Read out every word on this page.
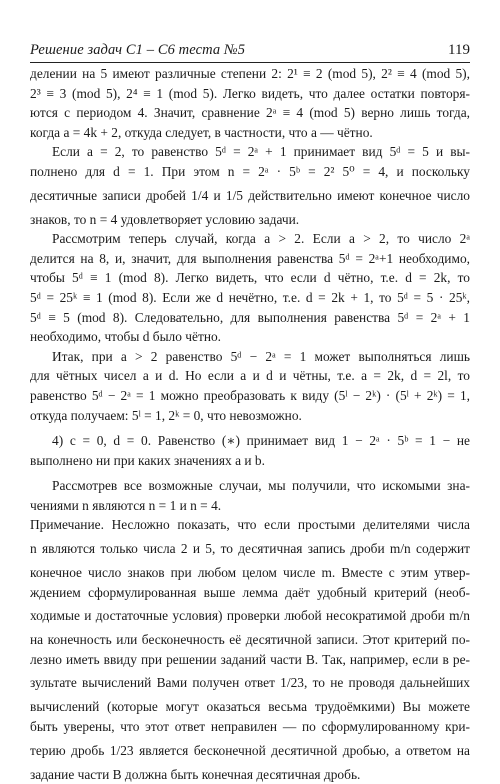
Решение задач C1 – C6 теста №5	119
делении на 5 имеют различные степени 2: 2¹ ≡ 2 (mod 5), 2² ≡ 4 (mod 5),
2³ ≡ 3 (mod 5), 2⁴ ≡ 1 (mod 5). Легко видеть, что далее остатки повторя-
ются с периодом 4. Значит, сравнение 2ᵃ ≡ 4 (mod 5) верно лишь тогда,
когда a = 4k + 2, откуда следует, в частности, что a — чётно.
Если a = 2, то равенство 5ᵈ = 2ᵃ + 1 принимает вид 5ᵈ = 5 и вы-
полнено для d = 1. При этом n = 2ᵃ · 5ᵇ = 2² 5⁰ = 4, и поскольку
десятичные записи дробей 1/4 и 1/5 действительно имеют конечное число
знаков, то n = 4 удовлетворяет условию задачи.
Рассмотрим теперь случай, когда a > 2. Если a > 2, то число 2ᵃ
делится на 8, и, значит, для выполнения равенства 5ᵈ = 2ᵃ+1 необходимо,
чтобы 5ᵈ ≡ 1 (mod 8). Легко видеть, что если d чётно, т.е. d = 2k, то
5ᵈ = 25ᵏ ≡ 1 (mod 8). Если же d нечётно, т.е. d = 2k + 1, то 5ᵈ = 5 · 25ᵏ,
5ᵈ ≡ 5 (mod 8). Следовательно, для выполнения равенства 5ᵈ = 2ᵃ + 1
необходимо, чтобы d было чётно.
Итак, при a > 2 равенство 5ᵈ − 2ᵃ = 1 может выполняться лишь
для чётных чисел a и d. Но если a и d и чётны, т.е. a = 2k, d = 2l, то
равенство 5ᵈ − 2ᵃ = 1 можно преобразовать к виду (5ˡ − 2ᵏ) · (5ˡ + 2ᵏ) = 1,
откуда получаем: 5ˡ = 1, 2ᵏ = 0, что невозможно.
4) c = 0, d = 0. Равенство (∗) принимает вид 1 − 2ᵃ · 5ᵇ = 1 − не
выполнено ни при каких значениях a и b.
Рассмотрев все возможные случаи, мы получили, что искомыми зна-
чениями n являются n = 1 и n = 4.
Примечание. Несложно показать, что если простыми делителями числа
n являются только числа 2 и 5, то десятичная запись дроби m/n содержит
конечное число знаков при любом целом числе m. Вместе с этим утвер-
ждением сформулированная выше лемма даёт удобный критерий (необ-
ходимые и достаточные условия) проверки любой несократимой дроби m/n
на конечность или бесконечность её десятичной записи. Этот критерий по-
лезно иметь ввиду при решении заданий части B. Так, например, если в ре-
зультате вычислений Вами получен ответ 1/23, то не проводя дальнейших
вычислений (которые могут оказаться весьма трудоёмкими) Вы можете
быть уверены, что этот ответ неправилен — по сформулированному кри-
терию дробь 1/23 является бесконечной десятичной дробью, а ответом на
задание части B должна быть конечная десятичная дробь.
